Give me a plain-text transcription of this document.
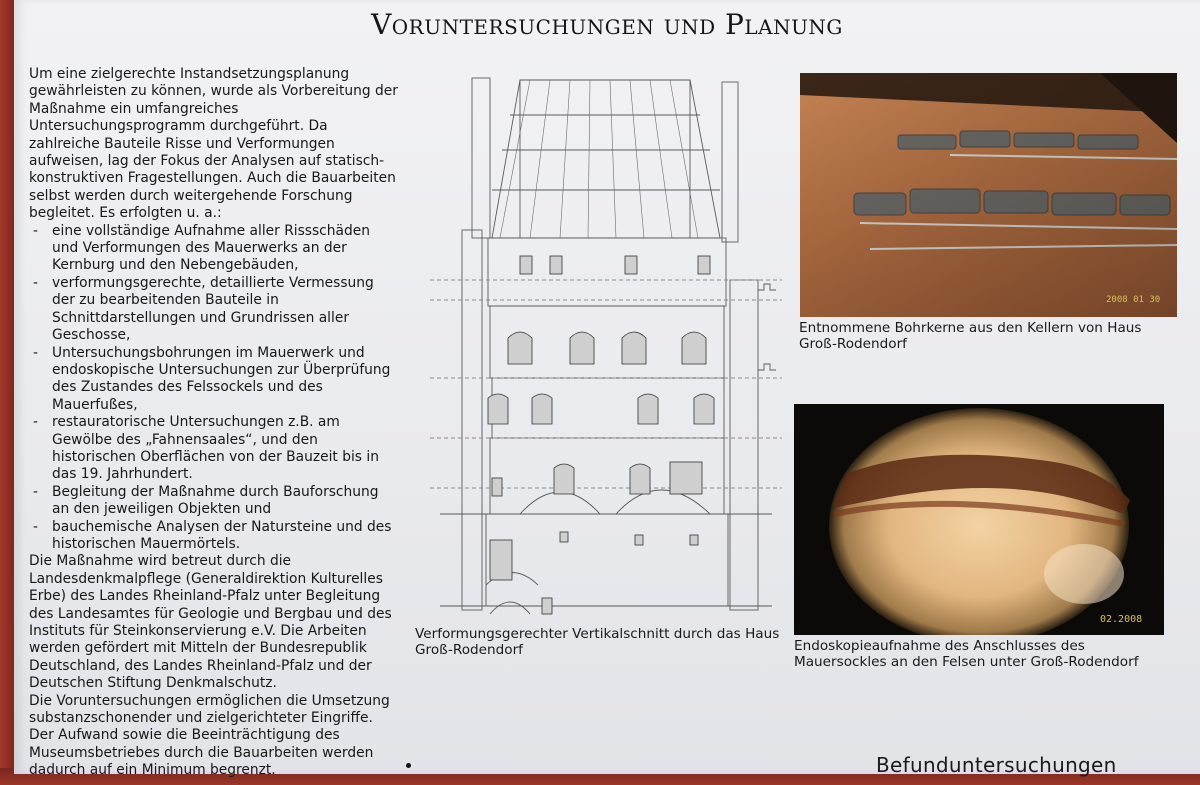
Voruntersuchungen und Planung

Um eine zielgerechte Instandsetzungsplanung gewährleisten zu können, wurde als Vorbereitung der Maßnahme ein umfangreiches Untersuchungsprogramm durchgeführt. Da zahlreiche Bauteile Risse und Verformungen aufweisen, lag der Fokus der Analysen auf statisch-konstruktiven Fragestellungen. Auch die Bauarbeiten selbst werden durch weitergehende Forschung begleitet. Es erfolgten u. a.:

- eine vollständige Aufnahme aller Rissschäden und Verformungen des Mauerwerks an der Kernburg und den Nebengebäuden,
- verformungsgerechte, detaillierte Vermessung der zu bearbeitenden Bauteile in Schnittdarstellungen und Grundrissen aller Geschosse,
- Untersuchungsbohrungen im Mauerwerk und endoskopische Untersuchungen zur Überprüfung des Zustandes des Felssockels und des Mauerfußes,
- restauratorische Untersuchungen z.B. am Gewölbe des „Fahnensaales“, und den historischen Oberflächen von der Bauzeit bis in das 19. Jahrhundert.
- Begleitung der Maßnahme durch Bauforschung an den jeweiligen Objekten und
- bauchemische Analysen der Natursteine und des historischen Mauermörtels.

Die Maßnahme wird betreut durch die Landesdenkmalpflege (Generaldirektion Kulturelles Erbe) des Landes Rheinland-Pfalz unter Begleitung des Landesamtes für Geologie und Bergbau und des Instituts für Steinkonservierung e.V. Die Arbeiten werden gefördert mit Mitteln der Bundesrepublik Deutschland, des Landes Rheinland-Pfalz und der Deutschen Stiftung Denkmalschutz.

Die Voruntersuchungen ermöglichen die Umsetzung substanzschonender und zielgerichteter Eingriffe. Der Aufwand sowie die Beeinträchtigung des Museumsbetriebes durch die Bauarbeiten werden dadurch auf ein Minimum begrenzt.

Verformungsgerechter Vertikalschnitt durch das Haus Groß-Rodendorf
2008 01 30
Entnommene Bohrkerne aus den Kellern von Haus Groß-Rodendorf
02.2008
Endoskopieaufnahme des Anschlusses des Mauersockles an den Felsen unter Groß-Rodendorf
Befunduntersuchungen
